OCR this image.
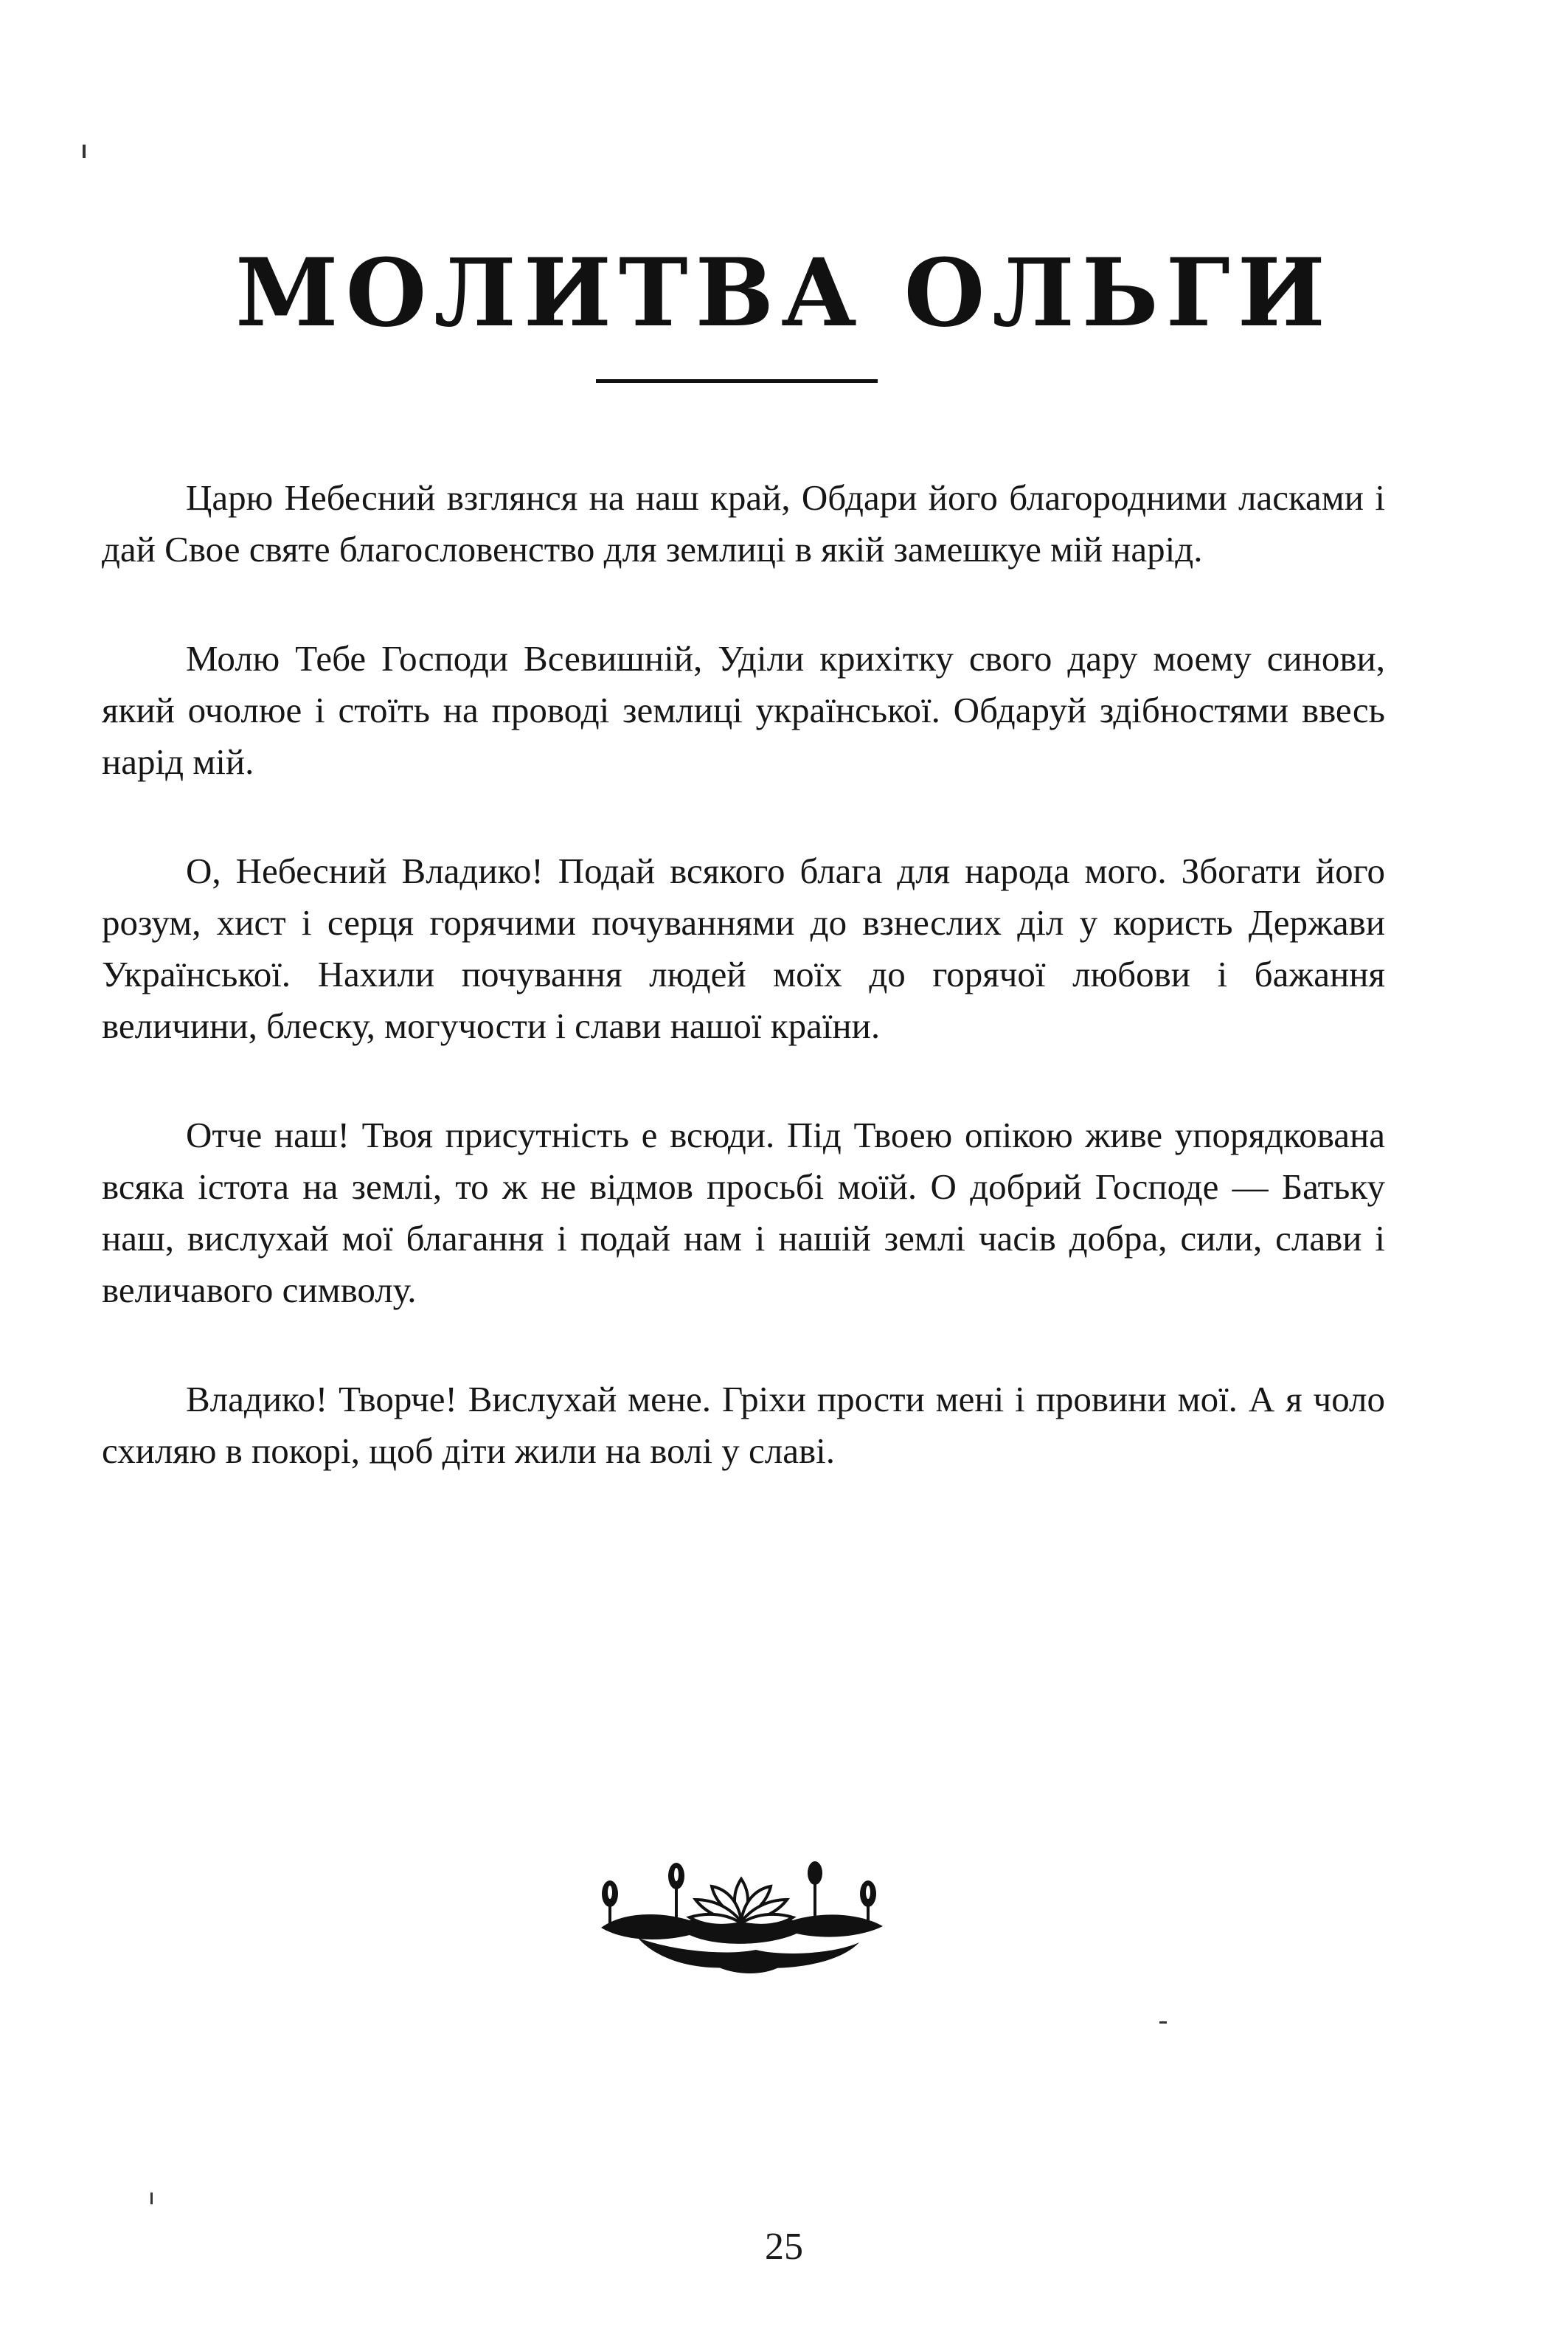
МОЛИТВА ОЛЬГИ

Царю Небесний взглянся на наш край, Обдари його благородними ласками і дай Свое святе благословенство для землиці в якій замешкуе мій нарід.

Молю Тебе Господи Всевишній, Уділи крихітку свого дару моему синови, який очолюе і стоїть на проводі землиці української. Обдаруй здібностями ввесь нарід мій.

О, Небесний Владико! Подай всякого блага для народа мого. Збогати його розум, хист і серця горячими почуваннями до взнеслих діл у користь Держави Української. Нахили почування людей моїх до горячої любови і бажання величини, блеску, могучости і слави нашої країни.

Отче наш! Твоя присутність е всюди. Під Твоею опікою живе упорядкована всяка істота на землі, то ж не відмов просьбі моїй. О добрий Господе — Батьку наш, вислухай мої благання і подай нам і нашій землі часів добра, сили, слави і величавого символу.

Владико! Творче! Вислухай мене. Гріхи прости мені і провини мої. А я чоло схиляю в покорі, щоб діти жили на волі у славі.

25
